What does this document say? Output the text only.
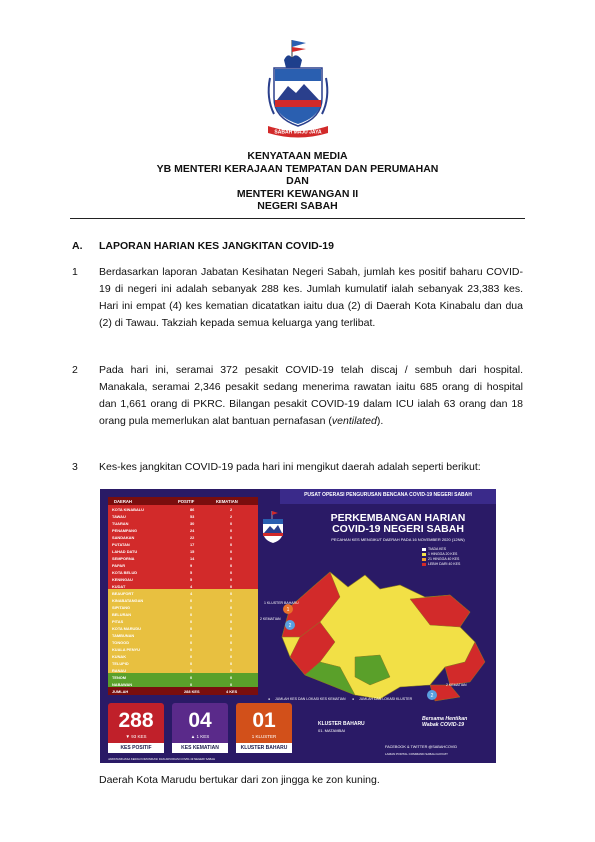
SABAH MAJU JAYA
KENYATAAN MEDIA
YB MENTERI KERAJAAN TEMPATAN DAN PERUMAHAN
DAN
MENTERI KEWANGAN II
NEGERI SABAH
A. LAPORAN HARIAN KES JANGKITAN COVID-19
1 Berdasarkan laporan Jabatan Kesihatan Negeri Sabah, jumlah kes positif baharu COVID-19 di negeri ini adalah sebanyak 288 kes. Jumlah kumulatif ialah sebanyak 23,383 kes. Hari ini empat (4) kes kematian dicatatkan iaitu dua (2) di Daerah Kota Kinabalu dan dua (2) di Tawau. Takziah kepada semua keluarga yang terlibat.
2 Pada hari ini, seramai 372 pesakit COVID-19 telah discaj / sembuh dari hospital. Manakala, seramai 2,346 pesakit sedang menerima rawatan iaitu 685 orang di hospital dan 1,661 orang di PKRC. Bilangan pesakit COVID-19 dalam ICU ialah 63 orang dan 18 orang pula memerlukan alat bantuan pernafasan (ventilated).
3 Kes-kes jangkitan COVID-19 pada hari ini mengikut daerah adalah seperti berikut:
PUSAT OPERASI PENGURUSAN BENCANA COVID-19 NEGERI SABAH
DAERAH	POSITIF	KEMATIAN
KOTA KINABALU	86	2
TAWAU	53	2
TUARAN	30	0
PENAMPANG	24	0
SANDAKAN	22	0
PUTATAN	17	0
LAHAD DATU	15	0
SEMPORNA	14	0
PAPAR	9	0
KOTA BELUD	5	0
KENINGAU	5	0
KUDAT	4	0
BEAUFORT	4	0
KINABATANGAN	0	0
SIPITANG	0	0
BELURAN	0	0
PITAS	0	0
KOTA MARUDU	0	0
TAMBUNAN	0	0
TONGOD	0	0
KUALA PENYU	0	0
KUNAK	0	0
TELUPID	0	0
RANAU	0	0
TENOM	0	0
NABAWAN	0	0
JUMLAH	288 KES	4 KES
288
▼ 93 KES
KES POSITIF
04
▲ 1 KES
KES KEMATIAN
01
1 KLUSTER
KLUSTER BAHARU
PERKEMBANGAN HARIAN
COVID-19 NEGERI SABAH
PECAHAN KES MENGIKUT DAERAH PADA 16 NOVEMBER 2020 (12NN)
TIADA KES
1 HINGGA 20 KES
21 HINGGA 40 KES
LEBIH DARI 40 KES
1
2
2
1 KLUSTER BAHARU
2 KEMATIAN
2 KEMATIAN
● JUMLAH KES DAN LOKASI KES KEMATIAN ● JUMLAH DAN LOKASI KLUSTER
KLUSTER BAHARU
01. MATAMBAI
Bersama Hentikan Wabak COVID-19
FACEBOOK & TWITTER @SABAHCOVID
LAMAN PORTAL COMMAND.SABAH.GOV.MY
JAWATANKUASA KERJA KOMUNIKASI DAN ADVOKASI COVID-19 NEGERI SABAH
Daerah Kota Marudu bertukar dari zon jingga ke zon kuning.
